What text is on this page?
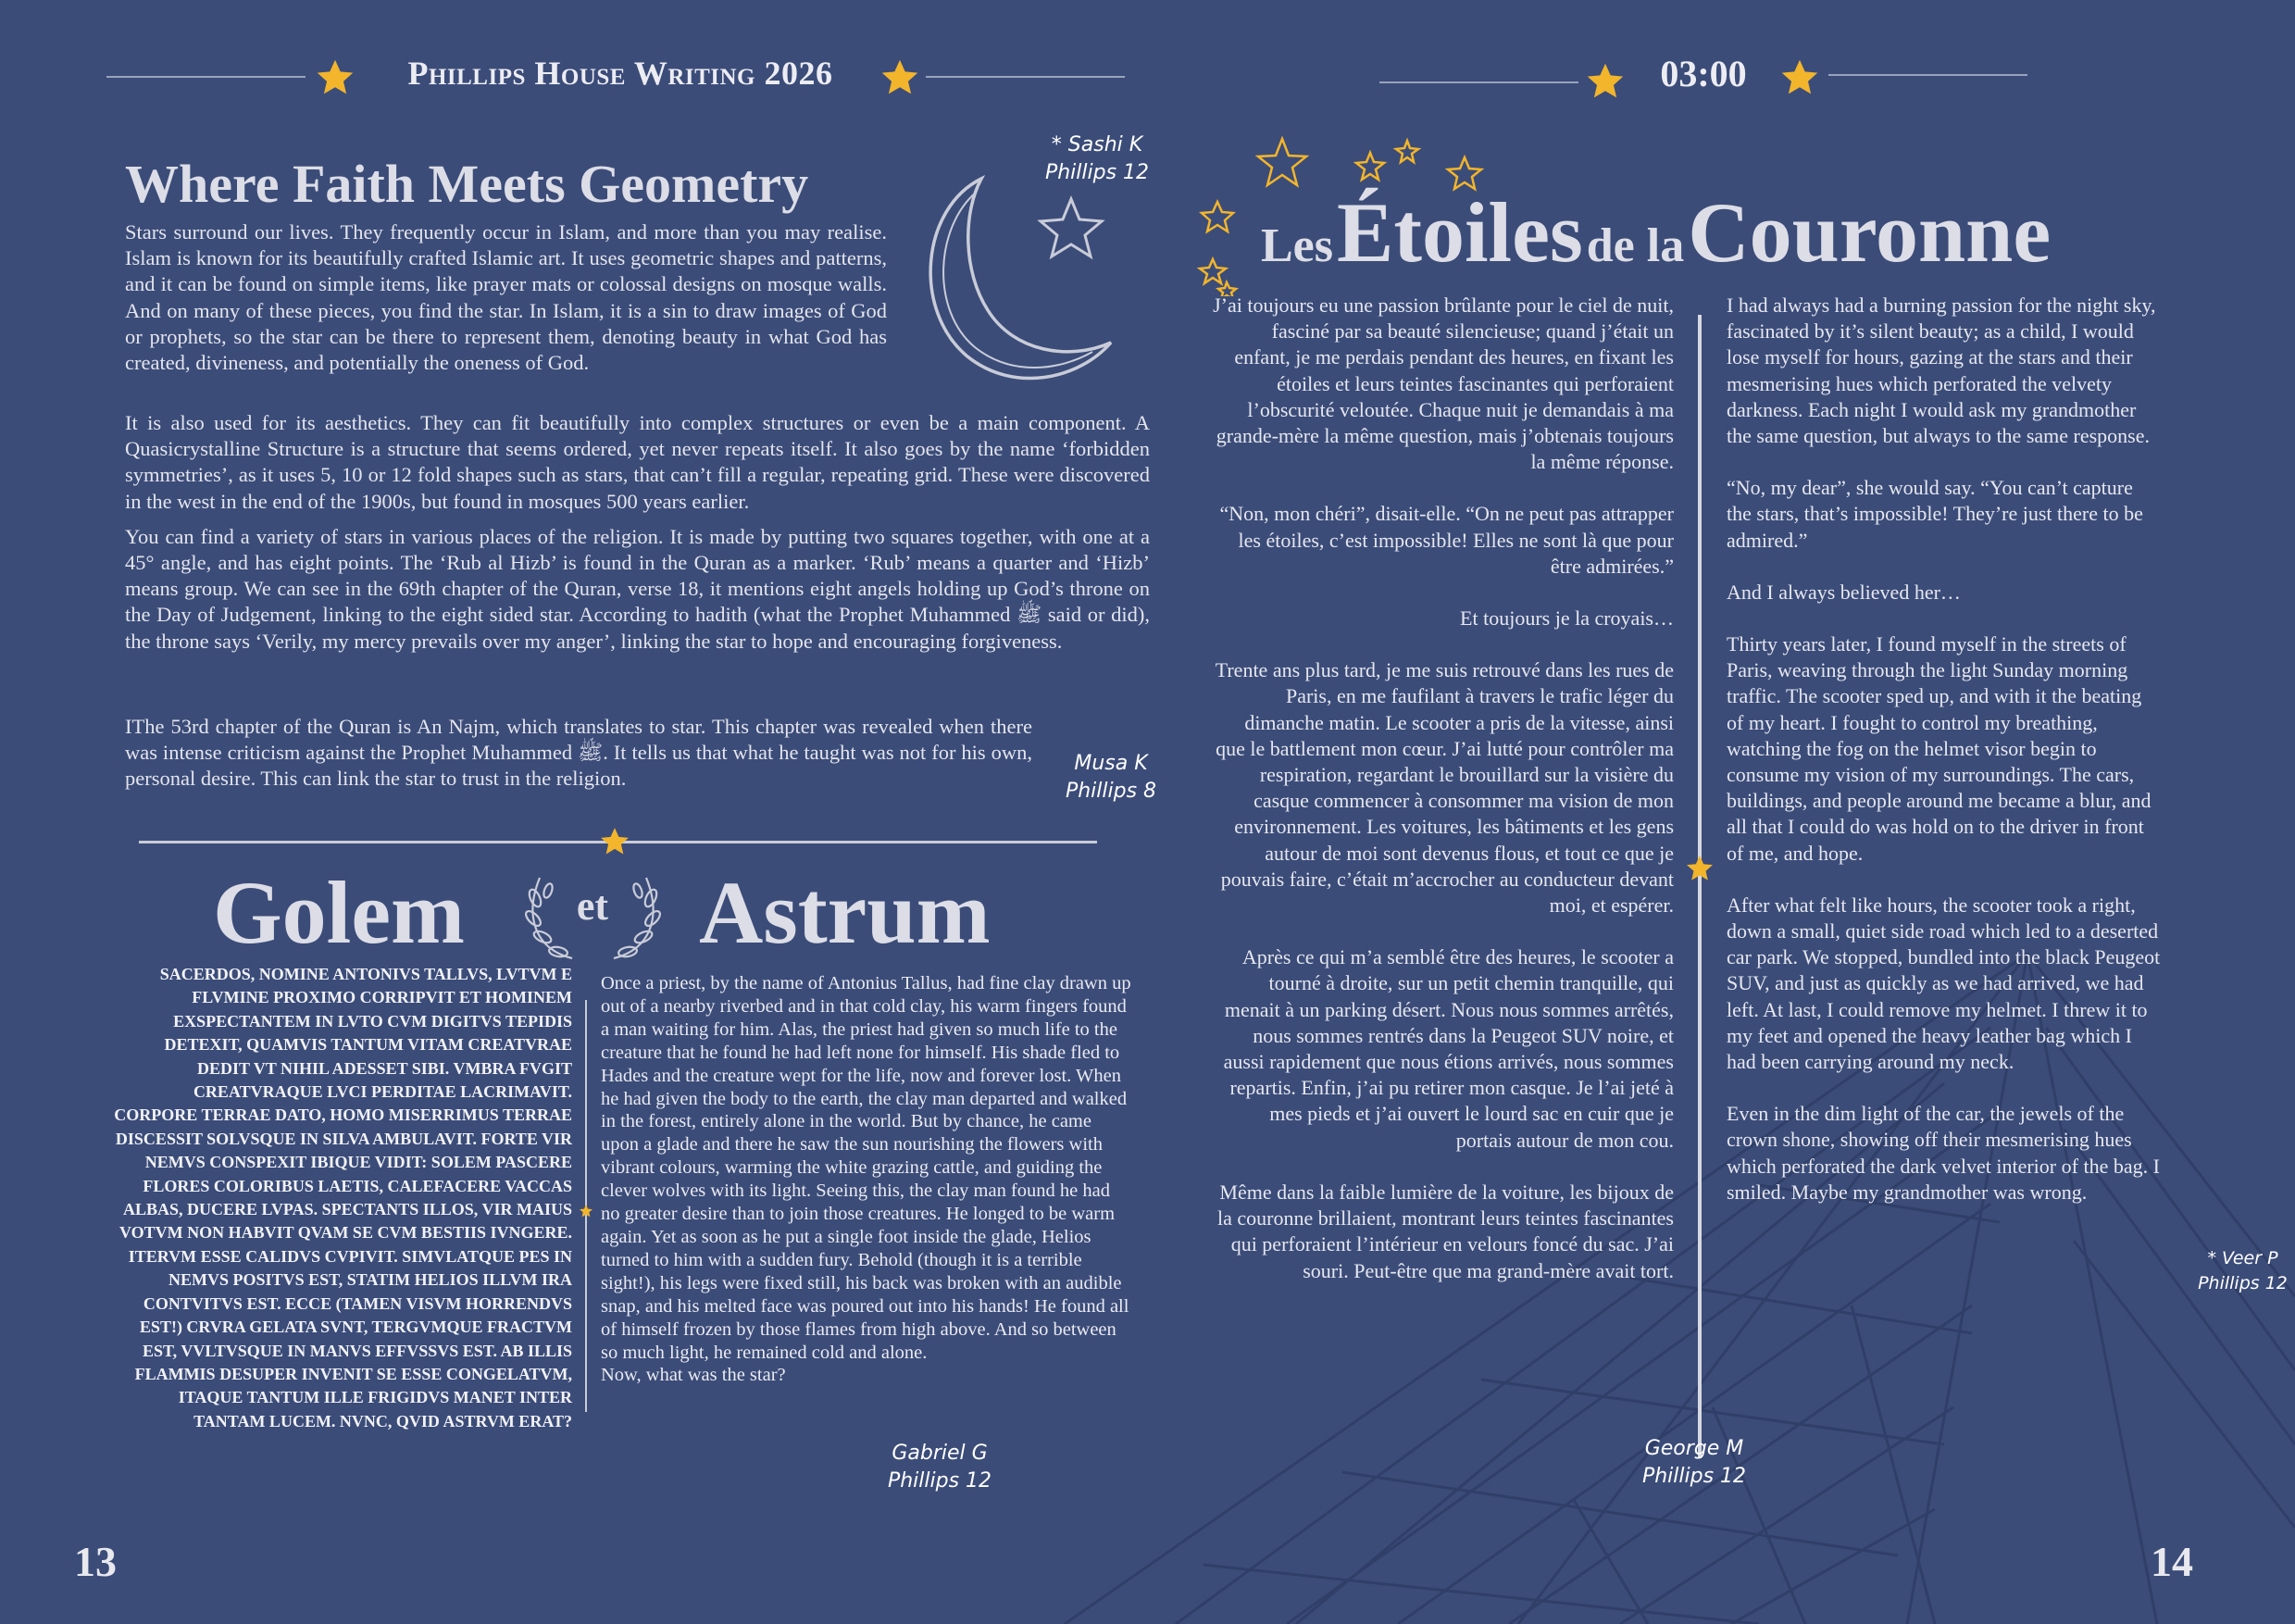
Phillips House Writing 2026	03:00
Where Faith Meets Geometry
* Sashi K
Phillips 12

Stars surround our lives. They frequently occur in Islam, and more than you may realise. Islam is known for its beautifully crafted Islamic art. It uses geometric shapes and patterns, and it can be found on simple items, like prayer mats or colossal designs on mosque walls. And on many of these pieces, you find the star. In Islam, it is a sin to draw images of God or prophets, so the star can be there to represent them, denoting beauty in what God has created, divineness, and potentially the oneness of God.

It is also used for its aesthetics. They can fit beautifully into complex structures or even be a main component. A Quasicrystalline Structure is a structure that seems ordered, yet never repeats itself. It also goes by the name ‘forbidden symmetries’, as it uses 5, 10 or 12 fold shapes such as stars, that can’t fill a regular, repeating grid. These were discovered in the west in the end of the 1900s, but found in mosques 500 years earlier.

You can find a variety of stars in various places of the religion. It is made by putting two squares together, with one at a 45° angle, and has eight points. The ‘Rub al Hizb’ is found in the Quran as a marker. ‘Rub’ means a quarter and ‘Hizb’ means group. We can see in the 69th chapter of the Quran, verse 18, it mentions eight angels holding up God’s throne on the Day of Judgement, linking to the eight sided star. According to hadith (what the Prophet Muhammed ﷺ said or did), the throne says ‘Verily, my mercy prevails over my anger’, linking the star to hope and encouraging forgiveness.

IThe 53rd chapter of the Quran is An Najm, which translates to star. This chapter was revealed when there was intense criticism against the Prophet Muhammed ﷺ. It tells us that what he taught was not for his own, personal desire. This can link the star to trust in the religion.

Musa K
Phillips 8
Golem	et Astrum
SACERDOS, NOMINE ANTONIVS TALLVS, LVTVM E FLVMINE PROXIMO CORRIPVIT ET HOMINEM EXSPECTANTEM IN LVTO CVM DIGITVS TEPIDIS DETEXIT, QUAMVIS TANTUM VITAM CREATVRAE DEDIT VT NIHIL ADESSET SIBI. VMBRA FVGIT CREATVRAQUE LVCI PERDITAE LACRIMAVIT. CORPORE TERRAE DATO, HOMO MISERRIMUS TERRAE DISCESSIT SOLVSQUE IN SILVA AMBULAVIT. FORTE VIR NEMVS CONSPEXIT IBIQUE VIDIT: SOLEM PASCERE FLORES COLORIBUS LAETIS, CALEFACERE VACCAS ALBAS, DUCERE LVPAS. SPECTANTS ILLOS, VIR MAIUS VOTVM NON HABVIT QVAM SE CVM BESTIIS IVNGERE. ITERVM ESSE CALIDVS CVPIVIT. SIMVLATQUE PES IN NEMVS POSITVS EST, STATIM HELIOS ILLVM IRA CONTVITVS EST. ECCE (TAMEN VISVM HORRENDVS EST!) CRVRA GELATA SVNT, TERGVMQUE FRACTVM EST, VVLTVSQUE IN MANVS EFFVSSVS EST. AB ILLIS FLAMMIS DESUPER INVENIT SE ESSE CONGELATVM, ITAQUE TANTUM ILLE FRIGIDVS MANET INTER TANTAM LUCEM. NVNC, QVID ASTRVM ERAT?
Once a priest, by the name of Antonius Tallus, had fine clay drawn up out of a nearby riverbed and in that cold clay, his warm fingers found a man waiting for him. Alas, the priest had given so much life to the creature that he found he had left none for himself. His shade fled to Hades and the creature wept for the life, now and forever lost. When he had given the body to the earth, the clay man departed and walked in the forest, entirely alone in the world. But by chance, he came upon a glade and there he saw the sun nourishing the flowers with vibrant colours, warming the white grazing cattle, and guiding the clever wolves with its light. Seeing this, the clay man found he had no greater desire than to join those creatures. He longed to be warm again. Yet as soon as he put a single foot inside the glade, Helios turned to him with a sudden fury. Behold (though it is a terrible sight!), his legs were fixed still, his back was broken with an audible snap, and his melted face was poured out into his hands! He found all of himself frozen by those flames from high above. And so between so much light, he remained cold and alone.
Now, what was the star?
Gabriel G
Phillips 12
Les Étoiles de la Couronne

J’ai toujours eu une passion brûlante pour le ciel de nuit, fasciné par sa beauté silencieuse; quand j’était un enfant, je me perdais pendant des heures, en fixant les étoiles et leurs teintes fascinantes qui perforaient l’obscurité veloutée. Chaque nuit je demandais à ma grande-mère la même question, mais j’obtenais toujours la même réponse.

“Non, mon chéri”, disait-elle. “On ne peut pas attrapper les étoiles, c’est impossible! Elles ne sont là que pour être admirées.”

Et toujours je la croyais…

Trente ans plus tard, je me suis retrouvé dans les rues de Paris, en me faufilant à travers le trafic léger du dimanche matin. Le scooter a pris de la vitesse, ainsi que le battlement mon cœur. J’ai lutté pour contrôler ma respiration, regardant le brouillard sur la visière du casque commencer à consommer ma vision de mon environnement. Les voitures, les bâtiments et les gens autour de moi sont devenus flous, et tout ce que je pouvais faire, c’était m’accrocher au conducteur devant moi, et espérer.

Après ce qui m’a semblé être des heures, le scooter a tourné à droite, sur un petit chemin tranquille, qui menait à un parking désert. Nous nous sommes arrêtés, nous sommes rentrés dans la Peugeot SUV noire, et aussi rapidement que nous étions arrivés, nous sommes repartis. Enfin, j’ai pu retirer mon casque. Je l’ai jeté à mes pieds et j’ai ouvert le lourd sac en cuir que je portais autour de mon cou.

Même dans la faible lumière de la voiture, les bijoux de la couronne brillaient, montrant leurs teintes fascinantes qui perforaient l’intérieur en velours foncé du sac. J’ai souri. Peut-être que ma grand-mère avait tort.

I had always had a burning passion for the night sky, fascinated by it’s silent beauty; as a child, I would lose myself for hours, gazing at the stars and their mesmerising hues which perforated the velvety darkness. Each night I would ask my grandmother the same question, but always to the same response.

“No, my dear”, she would say. “You can’t capture the stars, that’s impossible! They’re just there to be admired.”

And I always believed her…

Thirty years later, I found myself in the streets of Paris, weaving through the light Sunday morning traffic. The scooter sped up, and with it the beating of my heart. I fought to control my breathing, watching the fog on the helmet visor begin to consume my vision of my surroundings. The cars, buildings, and people around me became a blur, and all that I could do was hold on to the driver in front of me, and hope.

After what felt like hours, the scooter took a right, down a small, quiet side road which led to a deserted car park. We stopped, bundled into the black Peugeot SUV, and just as quickly as we had arrived, we had left. At last, I could remove my helmet. I threw it to my feet and opened the heavy leather bag which I had been carrying around my neck.

Even in the dim light of the car, the jewels of the crown shone, showing off their mesmerising hues which perforated the dark velvet interior of the bag. I smiled. Maybe my grandmother was wrong.

George M
Phillips 12
* Veer P
Phillips 12
13	14
